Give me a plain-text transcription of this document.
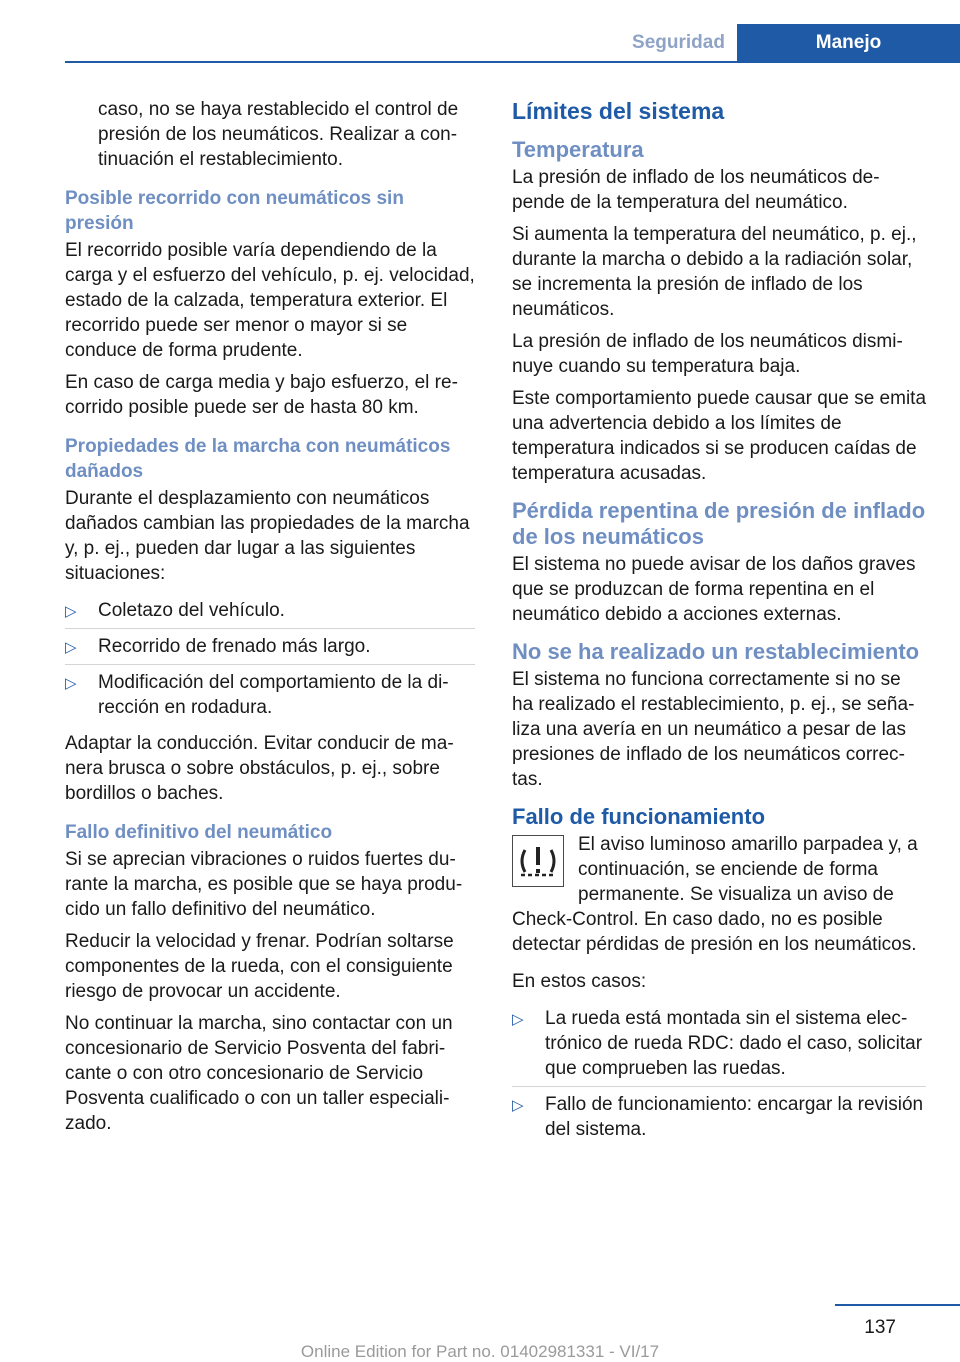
Seguridad	Manejo

caso, no se haya restablecido el control de presión de los neumáticos. Realizar a continuación el restablecimiento.

Posible recorrido con neumáticos sin presión

El recorrido posible varía dependiendo de la carga y el esfuerzo del vehículo, p. ej. velocidad, estado de la calzada, temperatura exterior. El recorrido puede ser menor o mayor si se conduce de forma prudente.

En caso de carga media y bajo esfuerzo, el recorrido posible puede ser de hasta 80 km.

Propiedades de la marcha con neumáticos dañados

Durante el desplazamiento con neumáticos dañados cambian las propiedades de la marcha y, p. ej., pueden dar lugar a las siguientes situaciones:

▷ Coletazo del vehículo.
▷ Recorrido de frenado más largo.
▷ Modificación del comportamiento de la dirección en rodadura.

Adaptar la conducción. Evitar conducir de manera brusca o sobre obstáculos, p. ej., sobre bordillos o baches.

Fallo definitivo del neumático

Si se aprecian vibraciones o ruidos fuertes durante la marcha, es posible que se haya producido un fallo definitivo del neumático.

Reducir la velocidad y frenar. Podrían soltarse componentes de la rueda, con el consiguiente riesgo de provocar un accidente.

No continuar la marcha, sino contactar con un concesionario de Servicio Posventa del fabricante o con otro concesionario de Servicio Posventa cualificado o con un taller especializado.

Límites del sistema
Temperatura

La presión de inflado de los neumáticos depende de la temperatura del neumático.

Si aumenta la temperatura del neumático, p. ej., durante la marcha o debido a la radiación solar, se incrementa la presión de inflado de los neumáticos.

La presión de inflado de los neumáticos disminuye cuando su temperatura baja.

Este comportamiento puede causar que se emita una advertencia debido a los límites de temperatura indicados si se producen caídas de temperatura acusadas.

Pérdida repentina de presión de inflado de los neumáticos

El sistema no puede avisar de los daños graves que se produzcan de forma repentina en el neumático debido a acciones externas.

No se ha realizado un restablecimiento

El sistema no funciona correctamente si no se ha realizado el restablecimiento, p. ej., se señaliza una avería en un neumático a pesar de las presiones de inflado de los neumáticos correctas.

Fallo de funcionamiento

El aviso luminoso amarillo parpadea y, a continuación, se enciende de forma permanente. Se visualiza un aviso de Check-Control. En caso dado, no es posible detectar pérdidas de presión en los neumáticos.

En estos casos:

▷ La rueda está montada sin el sistema electrónico de rueda RDC: dado el caso, solicitar que comprueben las ruedas.
▷ Fallo de funcionamiento: encargar la revisión del sistema.
137
Online Edition for Part no. 01402981331 - VI/17
